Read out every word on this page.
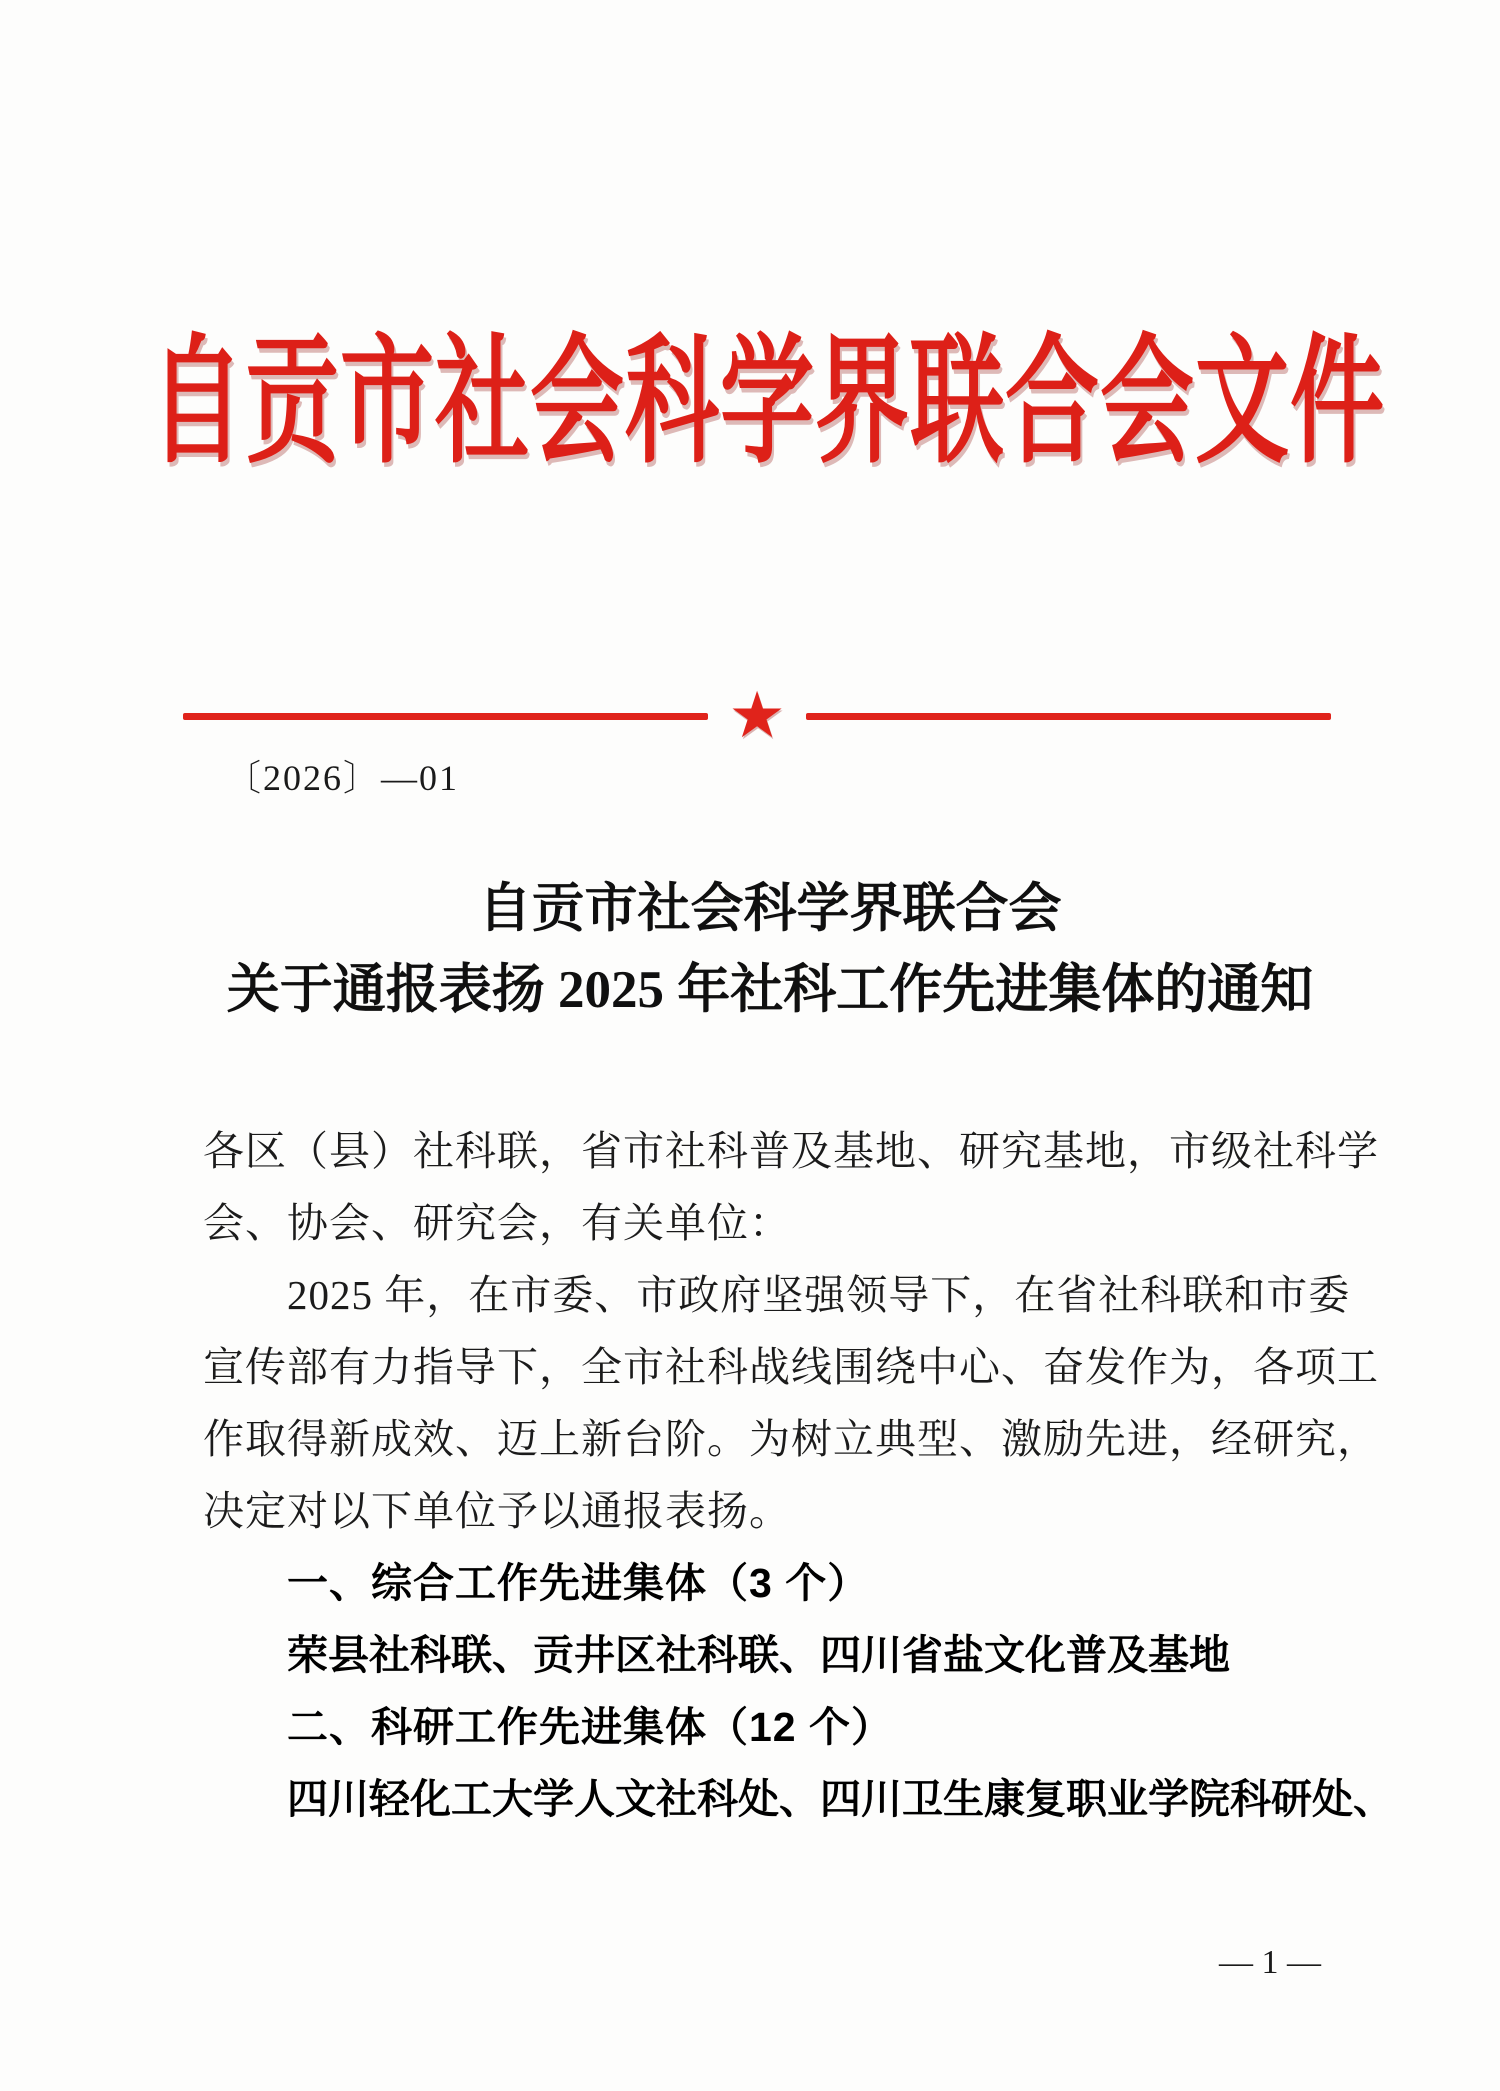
自贡市社会科学界联合会文件
★
〔2026〕—01
自贡市社会科学界联合会
关于通报表扬 2025 年社科工作先进集体的通知
各区（县）社科联，省市社科普及基地、研究基地，市级社科学
会、协会、研究会，有关单位：
2025 年，在市委、市政府坚强领导下，在省社科联和市委
宣传部有力指导下，全市社科战线围绕中心、奋发作为，各项工
作取得新成效、迈上新台阶。为树立典型、激励先进，经研究，
决定对以下单位予以通报表扬。
一、综合工作先进集体（3 个）
荣县社科联、贡井区社科联、四川省盐文化普及基地
二、科研工作先进集体（12 个）
四川轻化工大学人文社科处、四川卫生康复职业学院科研处、
— 1 —
